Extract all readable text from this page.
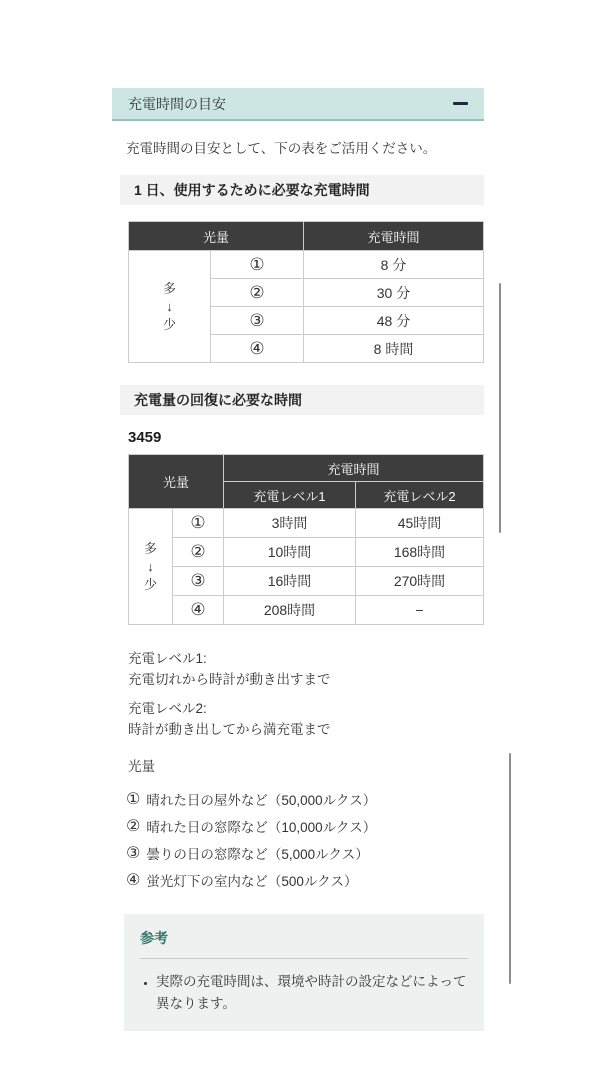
充電時間の目安

充電時間の目安として、下の表をご活用ください。

1 日、使用するために必要な充電時間
光量		充電時間

多
↓
少	①	8 分
	②	30 分
	③	48 分
	④	8 時間
充電量の回復に必要な時間
3459
光量		充電時間	
		充電レベル1	充電レベル2

多
↓
少	①	3時間	45時間
	②	10時間	168時間
	③	16時間	270時間
	④	208時間	−
充電レベル1:
充電切れから時計が動き出すまで
充電レベル2:
時計が動き出してから満充電まで
光量
① 晴れた日の屋外など（50,000ルクス）
② 晴れた日の窓際など（10,000ルクス）
③ 曇りの日の窓際など（5,000ルクス）
④ 蛍光灯下の室内など（500ルクス）
参考
• 実際の充電時間は、環境や時計の設定などによって異なります。
